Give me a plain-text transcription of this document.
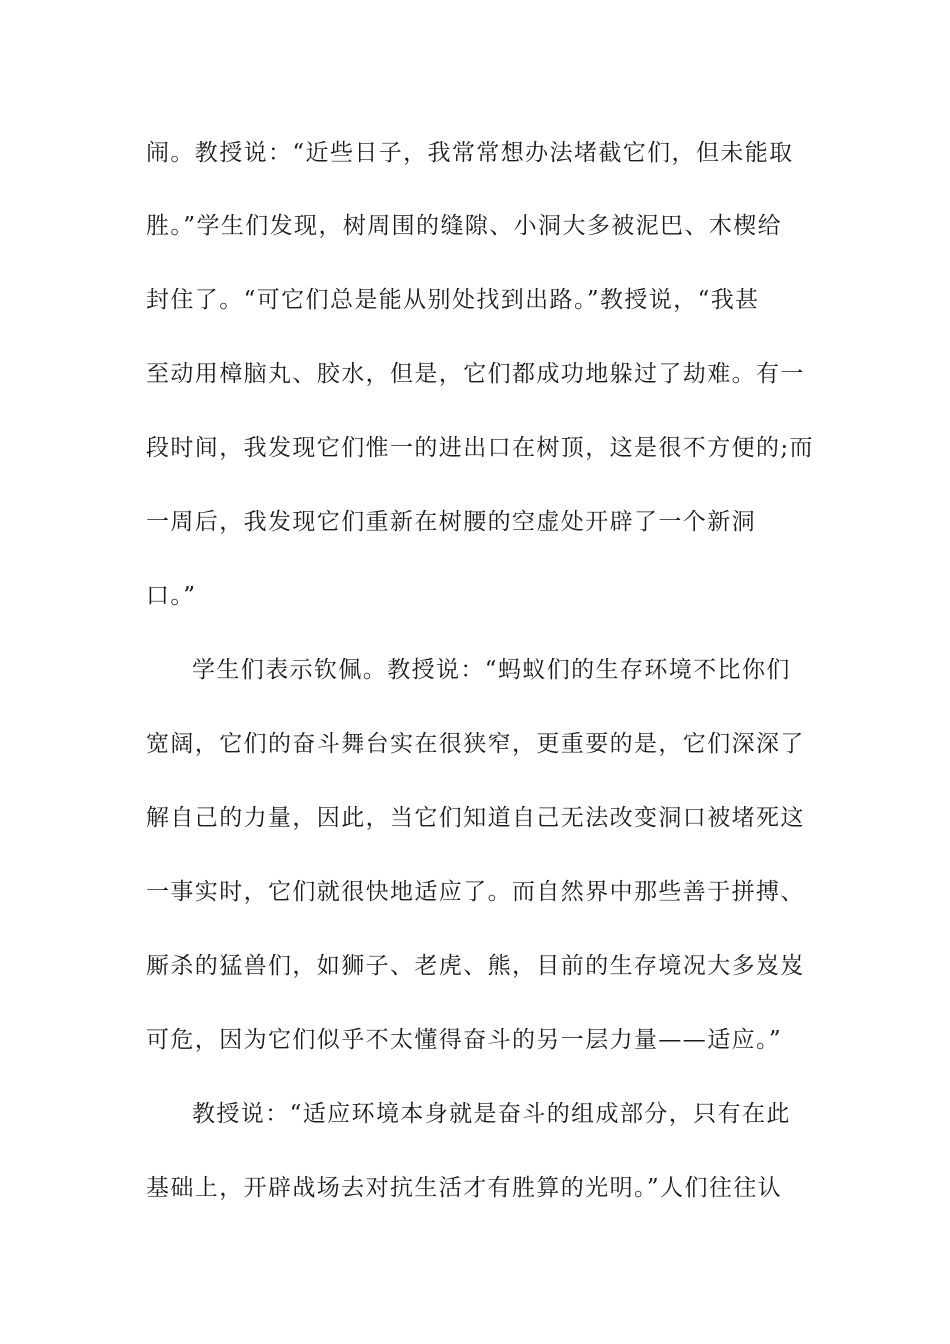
闹。教授说：“近些日子，我常常想办法堵截它们，但未能取
胜。”学生们发现，树周围的缝隙、小洞大多被泥巴、木楔给
封住了。“可它们总是能从别处找到出路。”教授说，“我甚
至动用樟脑丸、胶水，但是，它们都成功地躲过了劫难。有一
段时间，我发现它们惟一的进出口在树顶，这是很不方便的;而
一周后，我发现它们重新在树腰的空虚处开辟了一个新洞
口。”
学生们表示钦佩。教授说：“蚂蚁们的生存环境不比你们
宽阔，它们的奋斗舞台实在很狭窄，更重要的是，它们深深了
解自己的力量，因此，当它们知道自己无法改变洞口被堵死这
一事实时，它们就很快地适应了。而自然界中那些善于拼搏、
厮杀的猛兽们，如狮子、老虎、熊，目前的生存境况大多岌岌
可危，因为它们似乎不太懂得奋斗的另一层力量——适应。”
教授说：“适应环境本身就是奋斗的组成部分，只有在此
基础上，开辟战场去对抗生活才有胜算的光明。”人们往往认
